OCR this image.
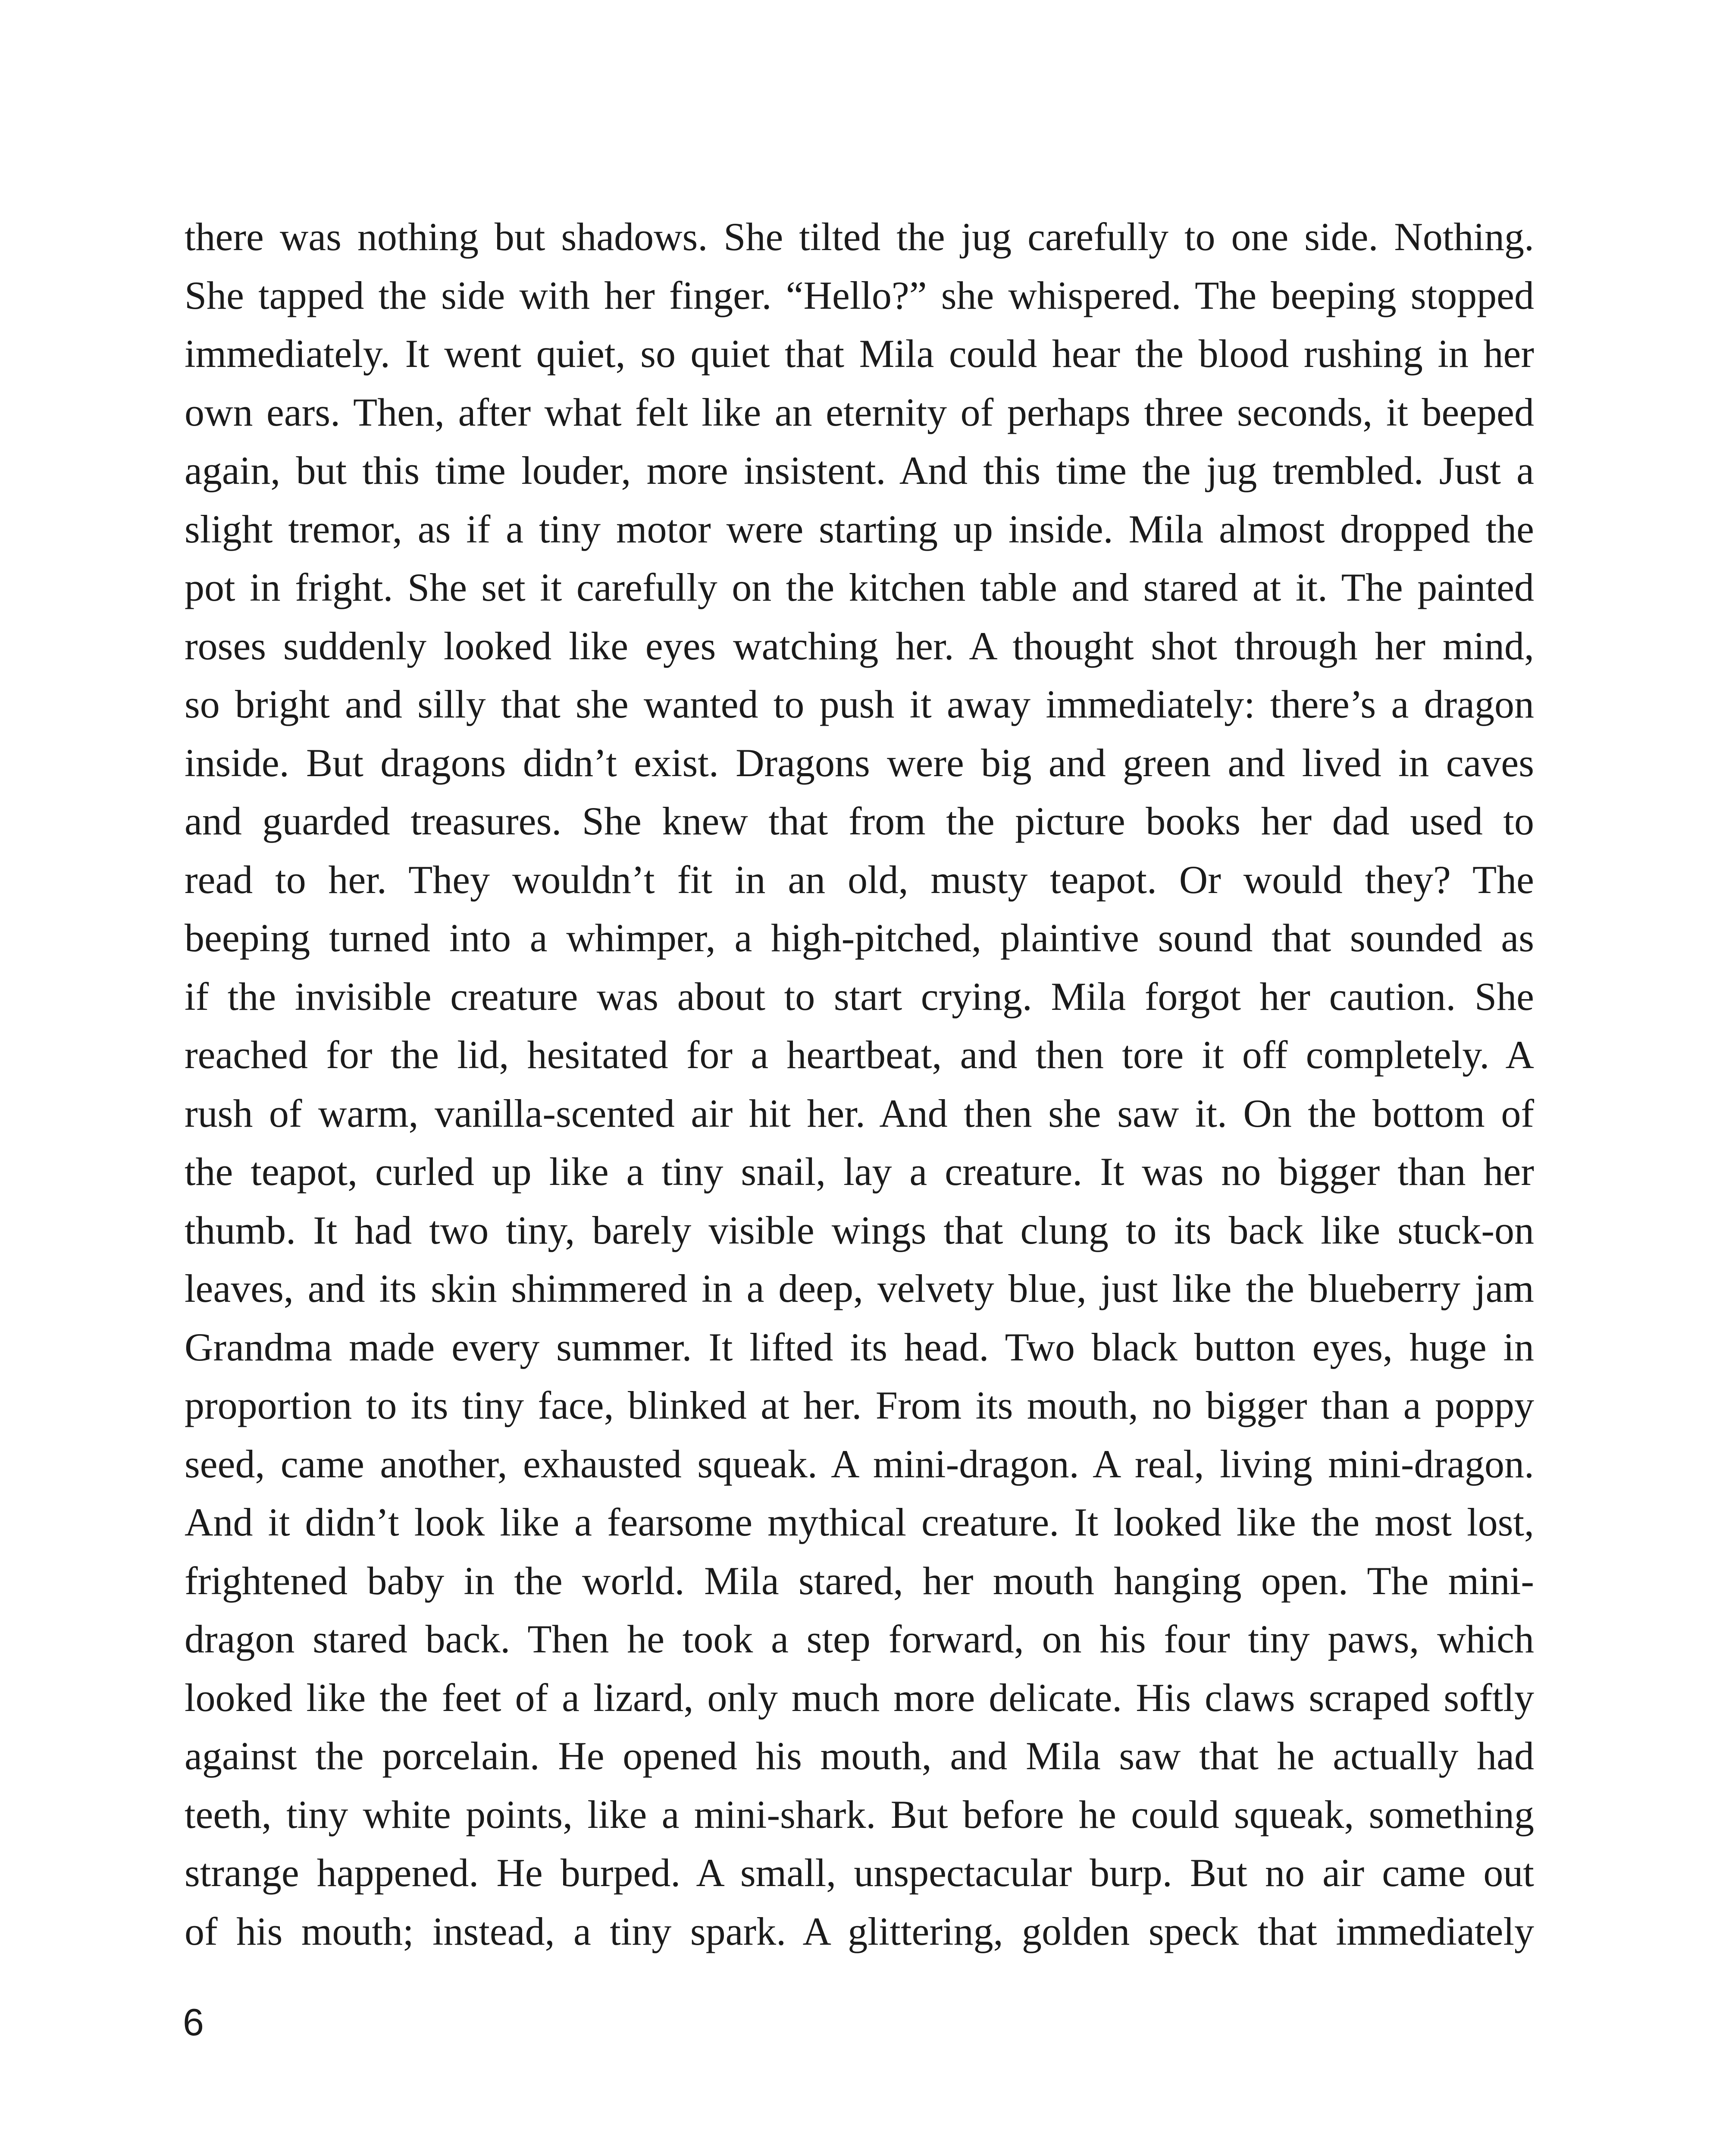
there was nothing but shadows. She tilted the jug carefully to one side. Nothing.
She tapped the side with her finger. “Hello?” she whispered. The beeping stopped
immediately. It went quiet, so quiet that Mila could hear the blood rushing in her
own ears. Then, after what felt like an eternity of perhaps three seconds, it beeped
again, but this time louder, more insistent. And this time the jug trembled. Just a
slight tremor, as if a tiny motor were starting up inside. Mila almost dropped the
pot in fright. She set it carefully on the kitchen table and stared at it. The painted
roses suddenly looked like eyes watching her. A thought shot through her mind,
so bright and silly that she wanted to push it away immediately: there’s a dragon
inside. But dragons didn’t exist. Dragons were big and green and lived in caves
and guarded treasures. She knew that from the picture books her dad used to
read to her. They wouldn’t fit in an old, musty teapot. Or would they? The
beeping turned into a whimper, a high-pitched, plaintive sound that sounded as
if the invisible creature was about to start crying. Mila forgot her caution. She
reached for the lid, hesitated for a heartbeat, and then tore it off completely. A
rush of warm, vanilla-scented air hit her. And then she saw it. On the bottom of
the teapot, curled up like a tiny snail, lay a creature. It was no bigger than her
thumb. It had two tiny, barely visible wings that clung to its back like stuck-on
leaves, and its skin shimmered in a deep, velvety blue, just like the blueberry jam
Grandma made every summer. It lifted its head. Two black button eyes, huge in
proportion to its tiny face, blinked at her. From its mouth, no bigger than a poppy
seed, came another, exhausted squeak. A mini-dragon. A real, living mini-dragon.
And it didn’t look like a fearsome mythical creature. It looked like the most lost,
frightened baby in the world. Mila stared, her mouth hanging open. The mini-
dragon stared back. Then he took a step forward, on his four tiny paws, which
looked like the feet of a lizard, only much more delicate. His claws scraped softly
against the porcelain. He opened his mouth, and Mila saw that he actually had
teeth, tiny white points, like a mini-shark. But before he could squeak, something
strange happened. He burped. A small, unspectacular burp. But no air came out
of his mouth; instead, a tiny spark. A glittering, golden speck that immediately

6
